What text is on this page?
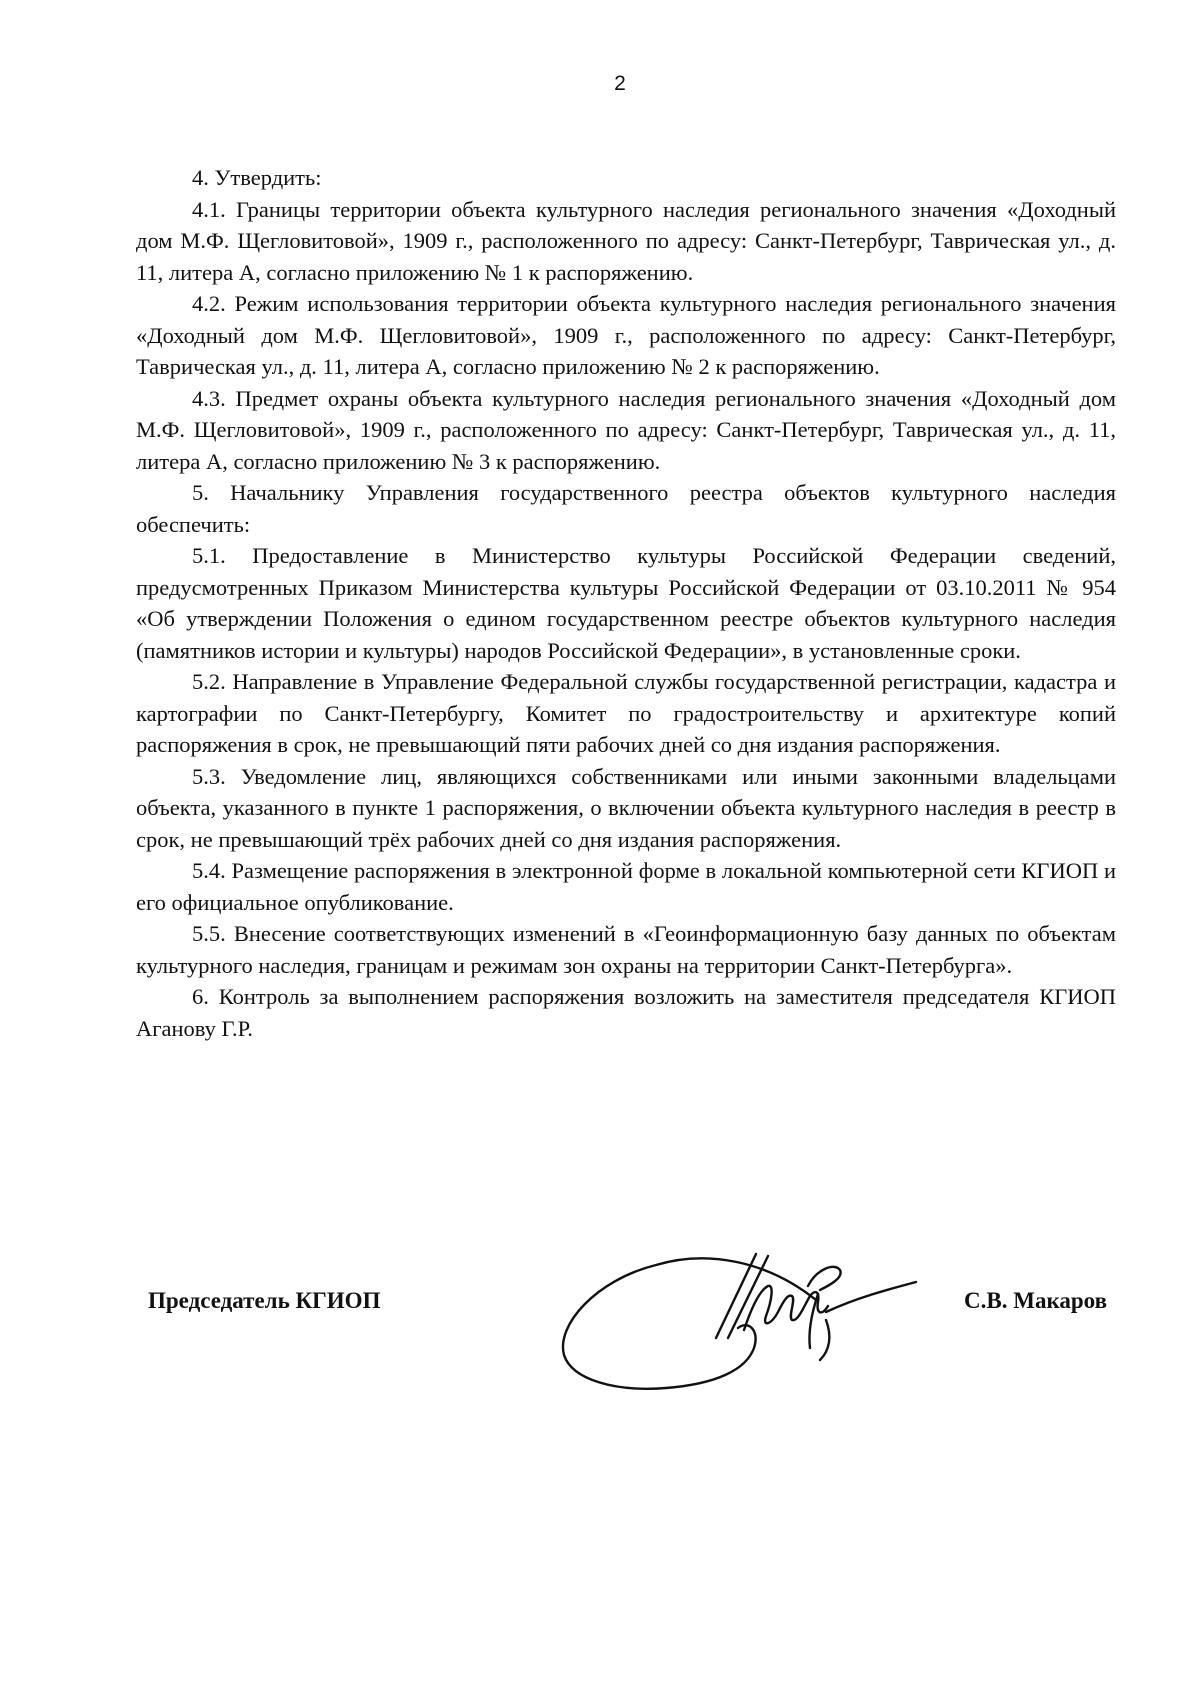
2

4. Утвердить:

4.1. Границы территории объекта культурного наследия регионального значения «Доходный дом М.Ф. Щегловитовой», 1909 г., расположенного по адресу: Санкт-Петербург, Таврическая ул., д. 11, литера А, согласно приложению № 1 к распоряжению.

4.2. Режим использования территории объекта культурного наследия регионального значения «Доходный дом М.Ф. Щегловитовой», 1909 г., расположенного по адресу: Санкт-Петербург, Таврическая ул., д. 11, литера А, согласно приложению № 2 к распоряжению.

4.3. Предмет охраны объекта культурного наследия регионального значения «Доходный дом М.Ф. Щегловитовой», 1909 г., расположенного по адресу: Санкт-Петербург, Таврическая ул., д. 11, литера А, согласно приложению № 3 к распоряжению.

5. Начальнику Управления государственного реестра объектов культурного наследия обеспечить:

5.1. Предоставление в Министерство культуры Российской Федерации сведений, предусмотренных Приказом Министерства культуры Российской Федерации от 03.10.2011 № 954 «Об утверждении Положения о едином государственном реестре объектов культурного наследия (памятников истории и культуры) народов Российской Федерации», в установленные сроки.

5.2. Направление в Управление Федеральной службы государственной регистрации, кадастра и картографии по Санкт-Петербургу, Комитет по градостроительству и архитектуре копий распоряжения в срок, не превышающий пяти рабочих дней со дня издания распоряжения.

5.3. Уведомление лиц, являющихся собственниками или иными законными владельцами объекта, указанного в пункте 1 распоряжения, о включении объекта культурного наследия в реестр в срок, не превышающий трёх рабочих дней со дня издания распоряжения.

5.4. Размещение распоряжения в электронной форме в локальной компьютерной сети КГИОП и его официальное опубликование.

5.5. Внесение соответствующих изменений в «Геоинформационную базу данных по объектам культурного наследия, границам и режимам зон охраны на территории Санкт-Петербурга».

6. Контроль за выполнением распоряжения возложить на заместителя председателя КГИОП Аганову Г.Р.

Председатель КГИОП	С.В. Макаров
